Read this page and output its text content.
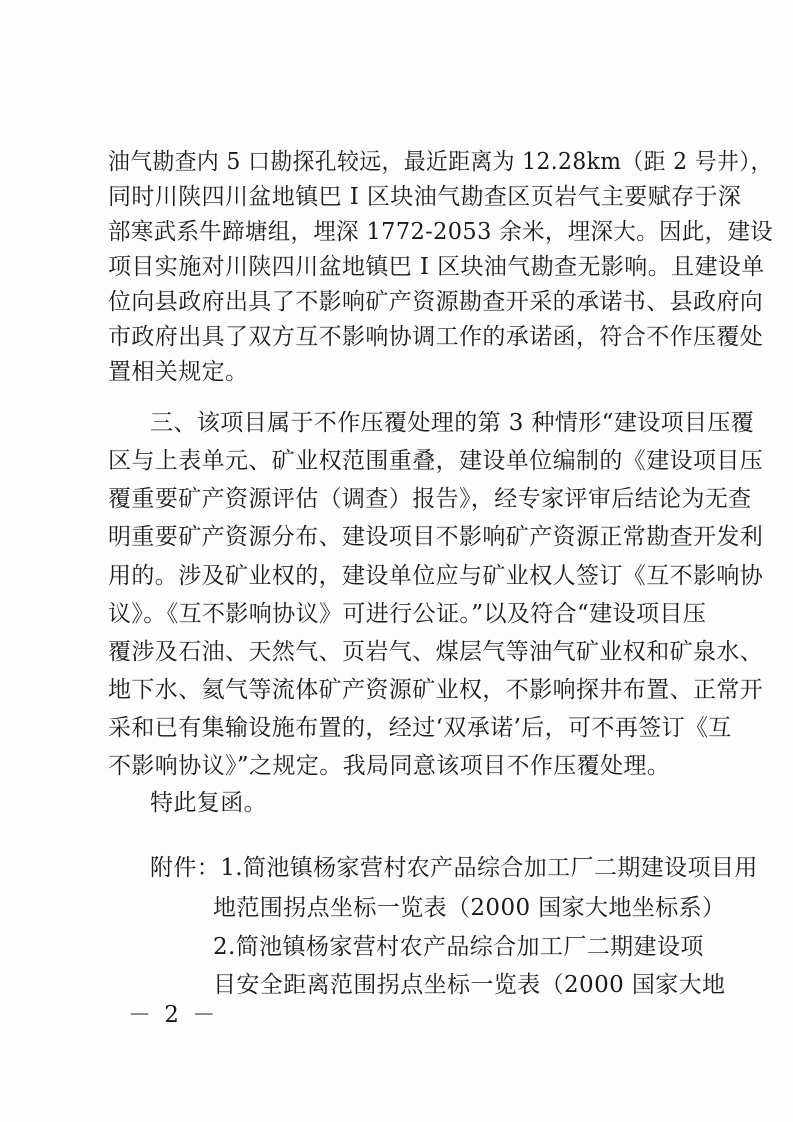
油气勘查内 5 口勘探孔较远，最近距离为 12.28km（距 2 号井），
同时川陕四川盆地镇巴 I 区块油气勘查区页岩气主要赋存于深
部寒武系牛蹄塘组，埋深 1772-2053 余米，埋深大。因此，建设
项目实施对川陕四川盆地镇巴 I 区块油气勘查无影响。且建设单
位向县政府出具了不影响矿产资源勘查开采的承诺书、县政府向
市政府出具了双方互不影响协调工作的承诺函，符合不作压覆处
置相关规定。
三、该项目属于不作压覆处理的第 3 种情形“建设项目压覆
区与上表单元、矿业权范围重叠，建设单位编制的《建设项目压
覆重要矿产资源评估（调查）报告》，经专家评审后结论为无查
明重要矿产资源分布、建设项目不影响矿产资源正常勘查开发利
用的。涉及矿业权的，建设单位应与矿业权人签订《互不影响协
议》。《互不影响协议》可进行公证。”以及符合“建设项目压
覆涉及石油、天然气、页岩气、煤层气等油气矿业权和矿泉水、
地下水、氦气等流体矿产资源矿业权，不影响探井布置、正常开
采和已有集输设施布置的，经过‘双承诺’后，可不再签订《互
不影响协议》”之规定。我局同意该项目不作压覆处理。
特此复函。
附件：1.简池镇杨家营村农产品综合加工厂二期建设项目用
地范围拐点坐标一览表（2000 国家大地坐标系）
2.简池镇杨家营村农产品综合加工厂二期建设项
目安全距离范围拐点坐标一览表（2000 国家大地
－ 2 －
